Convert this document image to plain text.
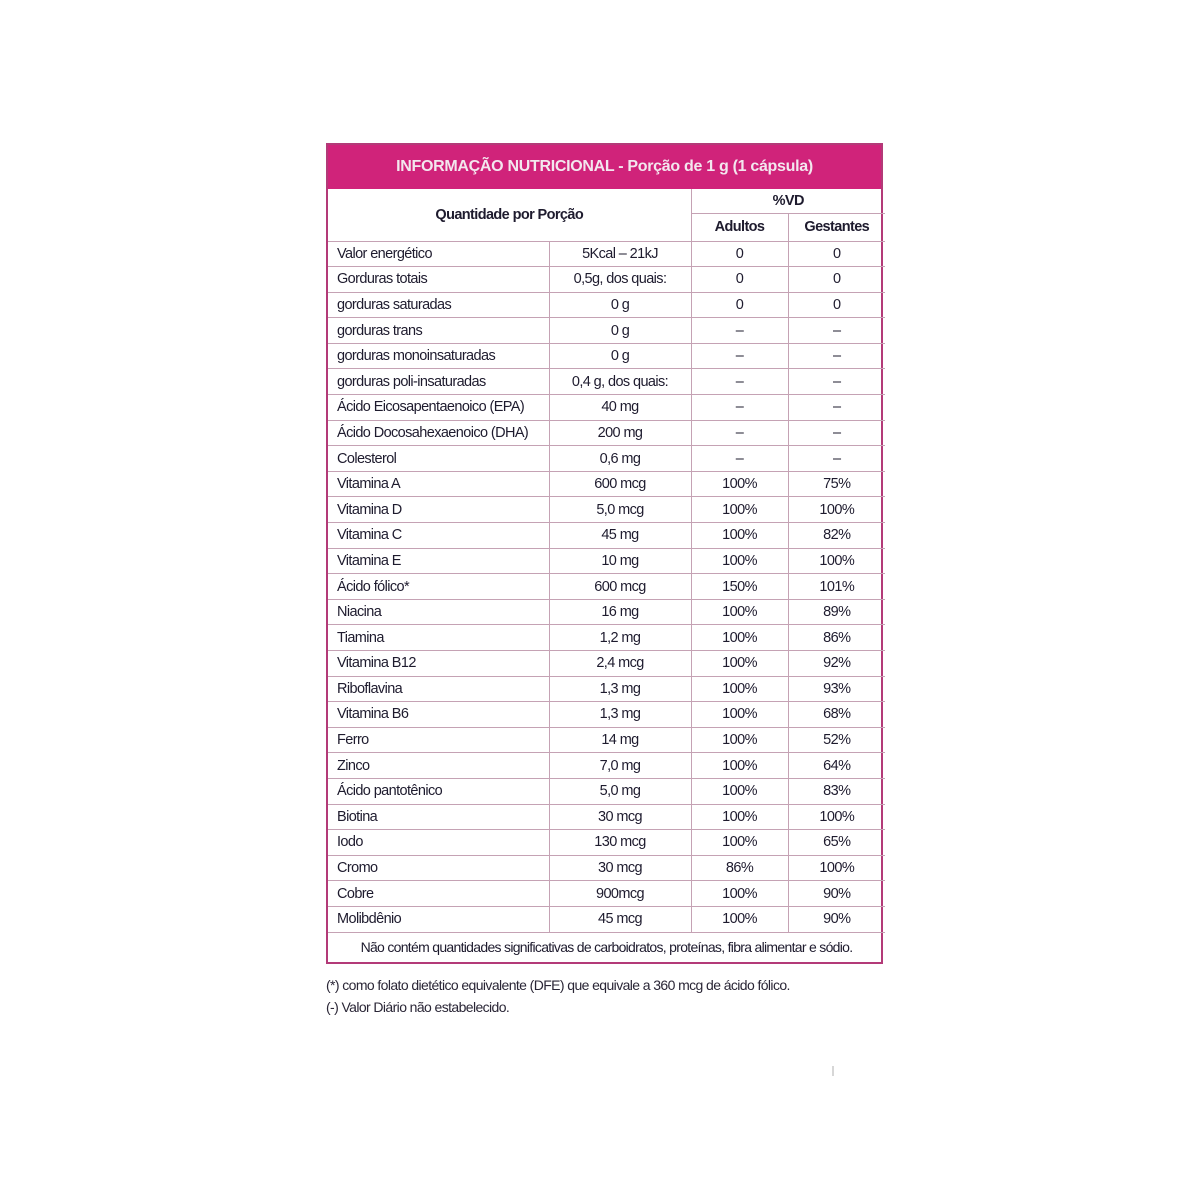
INFORMAÇÃO NUTRICIONAL - Porção de 1 g (1 cápsula)
Quantidade por Porção		%VD	
		Adultos	Gestantes
Valor energético	5Kcal – 21kJ	0	0
Gorduras totais	0,5g, dos quais:	0	0
gorduras saturadas	0 g	0	0
gorduras trans	0 g	–	–
gorduras monoinsaturadas	0 g	–	–
gorduras poli-insaturadas	0,4 g, dos quais:	–	–
Ácido Eicosapentaenoico (EPA)	40 mg	–	–
Ácido Docosahexaenoico (DHA)	200 mg	–	–
Colesterol	0,6 mg	–	–
Vitamina A	600 mcg	100%	75%
Vitamina D	5,0 mcg	100%	100%
Vitamina C	45 mg	100%	82%
Vitamina E	10 mg	100%	100%
Ácido fólico*	600 mcg	150%	101%
Niacina	16 mg	100%	89%
Tiamina	1,2 mg	100%	86%
Vitamina B12	2,4 mcg	100%	92%
Riboflavina	1,3 mg	100%	93%
Vitamina B6	1,3 mg	100%	68%
Ferro	14 mg	100%	52%
Zinco	7,0 mg	100%	64%
Ácido pantotênico	5,0 mg	100%	83%
Biotina	30 mcg	100%	100%
Iodo	130 mcg	100%	65%
Cromo	30 mcg	86%	100%
Cobre	900mcg	100%	90%
Molibdênio	45 mcg	100%	90%
Não contém quantidades significativas de carboidratos, proteínas, fibra alimentar e sódio.			
(*) como folato dietético equivalente (DFE) que equivale a 360 mcg de ácido fólico.
(-) Valor Diário não estabelecido.
